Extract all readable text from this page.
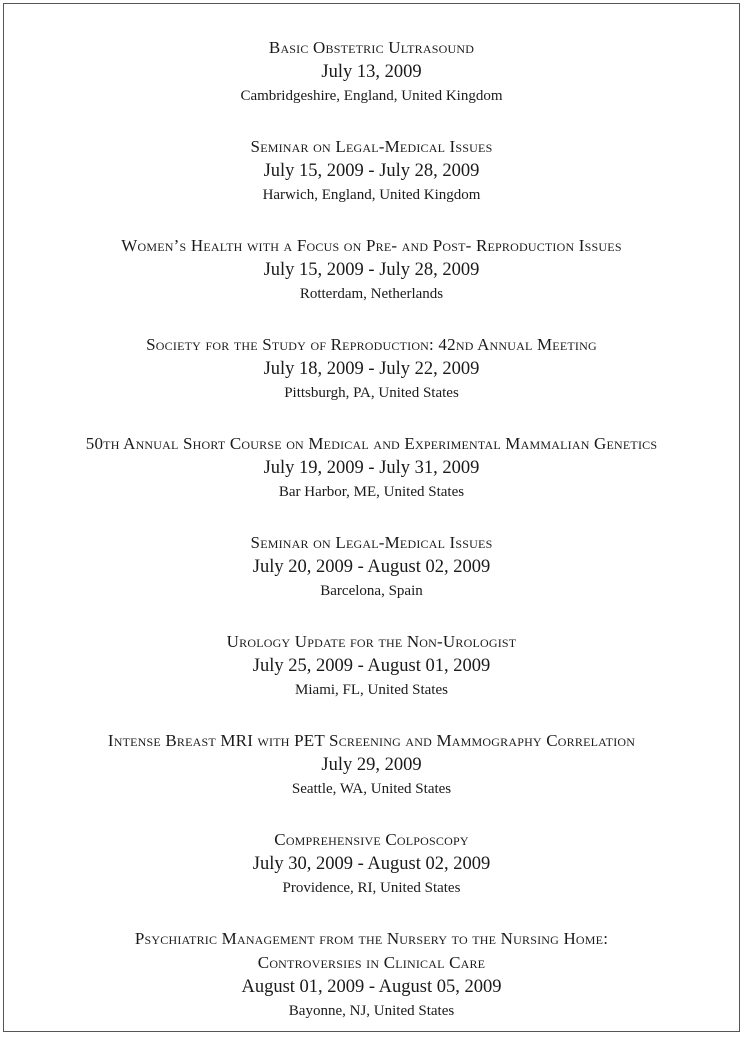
Basic Obstetric Ultrasound
July 13, 2009
Cambridgeshire, England, United Kingdom
Seminar on Legal-Medical Issues
July 15, 2009 - July 28, 2009
Harwich, England, United Kingdom
Women’s Health with a Focus on Pre- and Post- Reproduction Issues
July 15, 2009 - July 28, 2009
Rotterdam, Netherlands
Society for the Study of Reproduction: 42nd Annual Meeting
July 18, 2009 - July 22, 2009
Pittsburgh, PA, United States
50th Annual Short Course on Medical and Experimental Mammalian Genetics
July 19, 2009 - July 31, 2009
Bar Harbor, ME, United States
Seminar on Legal-Medical Issues
July 20, 2009 - August 02, 2009
Barcelona, Spain
Urology Update for the Non-Urologist
July 25, 2009 - August 01, 2009
Miami, FL, United States
Intense Breast MRI with PET Screening and Mammography Correlation
July 29, 2009
Seattle, WA, United States
Comprehensive Colposcopy
July 30, 2009 - August 02, 2009
Providence, RI, United States
Psychiatric Management from the Nursery to the Nursing Home:
Controversies in Clinical Care
August 01, 2009 - August 05, 2009
Bayonne, NJ, United States
